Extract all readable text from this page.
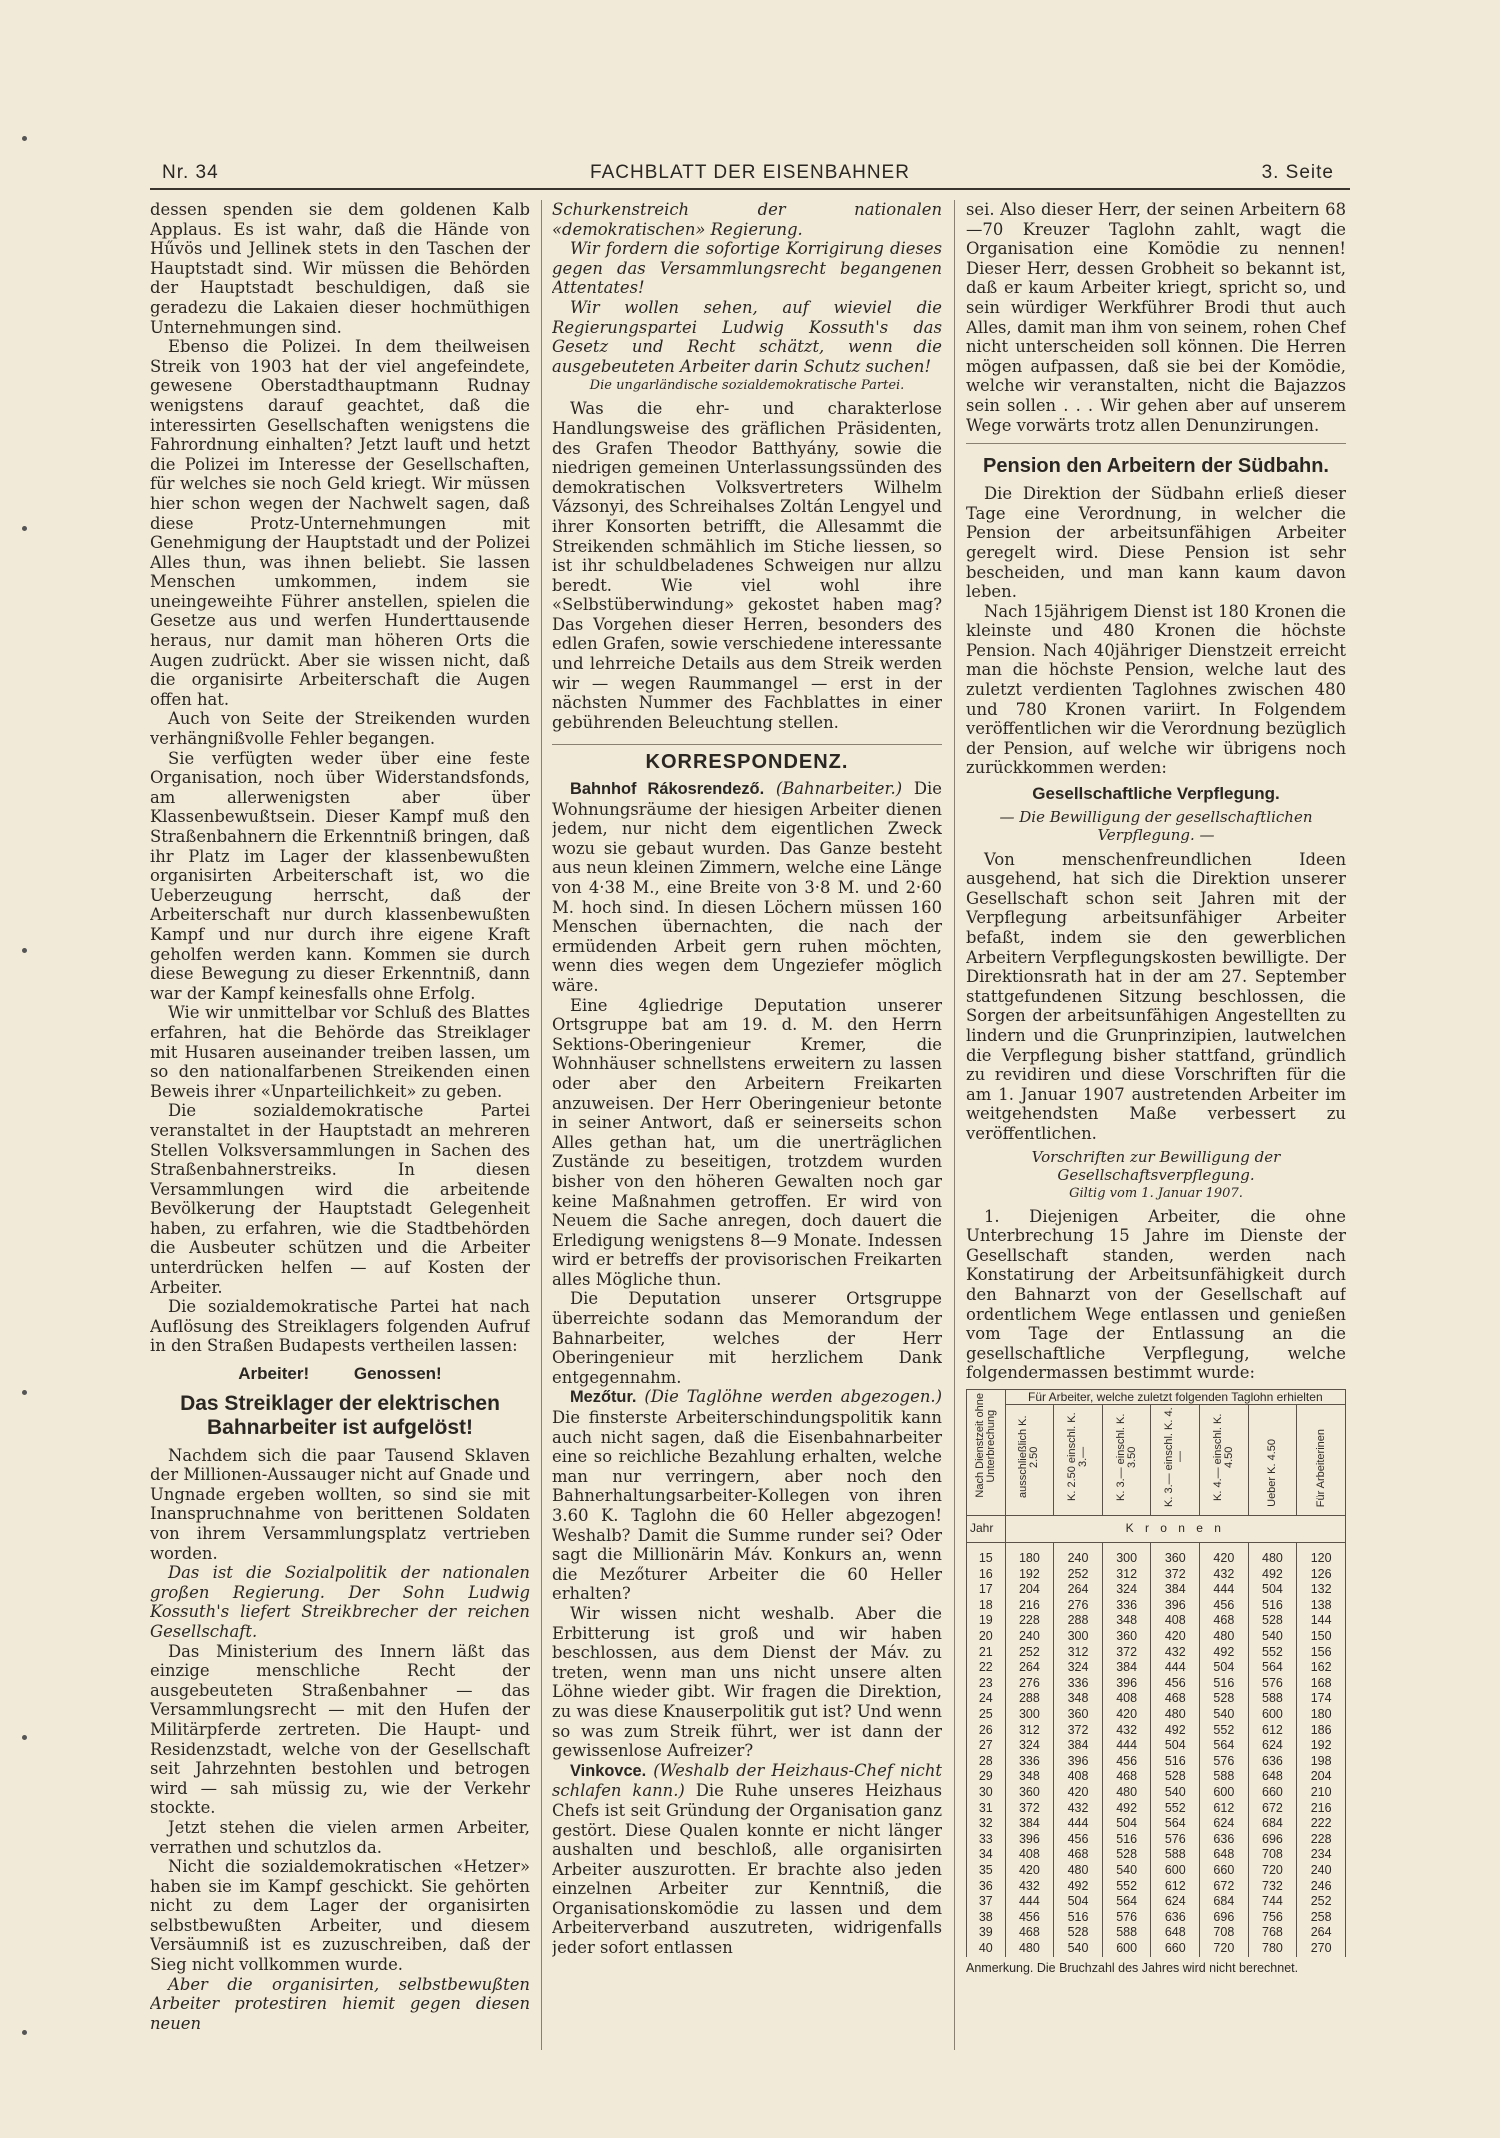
Nr. 34	FACHBLATT DER EISENBAHNER	3. Seite

dessen spenden sie dem goldenen Kalb Applaus. Es ist wahr, daß die Hände von Hűvös und Jellinek stets in den Taschen der Hauptstadt sind. Wir müssen die Behörden der Hauptstadt beschuldigen, daß sie geradezu die Lakaien dieser hochmüthigen Unternehmungen sind.

Ebenso die Polizei. In dem theilweisen Streik von 1903 hat der viel angefeindete, gewesene Oberstadthauptmann Rudnay wenigstens darauf geachtet, daß die interessirten Gesellschaften wenigstens die Fahrordnung einhalten? Jetzt lauft und hetzt die Polizei im Interesse der Gesellschaften, für welches sie noch Geld kriegt. Wir müssen hier schon wegen der Nachwelt sagen, daß diese Protz-Unternehmungen mit Genehmigung der Hauptstadt und der Polizei Alles thun, was ihnen beliebt. Sie lassen Menschen umkommen, indem sie uneingeweihte Führer anstellen, spielen die Gesetze aus und werfen Hunderttausende heraus, nur damit man höheren Orts die Augen zudrückt. Aber sie wissen nicht, daß die organisirte Arbeiterschaft die Augen offen hat.

Auch von Seite der Streikenden wurden verhängnißvolle Fehler begangen.

Sie verfügten weder über eine feste Organisation, noch über Widerstandsfonds, am allerwenigsten aber über Klassenbewußtsein. Dieser Kampf muß den Straßenbahnern die Erkenntniß bringen, daß ihr Platz im Lager der klassenbewußten organisirten Arbeiterschaft ist, wo die Ueberzeugung herrscht, daß der Arbeiterschaft nur durch klassenbewußten Kampf und nur durch ihre eigene Kraft geholfen werden kann. Kommen sie durch diese Bewegung zu dieser Erkenntniß, dann war der Kampf keinesfalls ohne Erfolg.

Wie wir unmittelbar vor Schluß des Blattes erfahren, hat die Behörde das Streiklager mit Husaren auseinander treiben lassen, um so den nationalfarbenen Streikenden einen Beweis ihrer «Unparteilichkeit» zu geben.

Die sozialdemokratische Partei veranstaltet in der Hauptstadt an mehreren Stellen Volksversammlungen in Sachen des Straßenbahnerstreiks. In diesen Versammlungen wird die arbeitende Bevölkerung der Hauptstadt Gelegenheit haben, zu erfahren, wie die Stadtbehörden die Ausbeuter schützen und die Arbeiter unterdrücken helfen — auf Kosten der Arbeiter.

Die sozialdemokratische Partei hat nach Auflösung des Streiklagers folgenden Aufruf in den Straßen Budapests vertheilen lassen:

Arbeiter! Genossen!
Das Streiklager der elektrischen Bahnarbeiter ist aufgelöst!

Nachdem sich die paar Tausend Sklaven der Millionen-Aussauger nicht auf Gnade und Ungnade ergeben wollten, so sind sie mit Inanspruchnahme von berittenen Soldaten von ihrem Versammlungsplatz vertrieben worden.

Das ist die Sozialpolitik der nationalen großen Regierung. Der Sohn Ludwig Kossuth's liefert Streikbrecher der reichen Gesellschaft.

Das Ministerium des Innern läßt das einzige menschliche Recht der ausgebeuteten Straßenbahner — das Versammlungsrecht — mit den Hufen der Militärpferde zertreten. Die Haupt- und Residenzstadt, welche von der Gesellschaft seit Jahrzehnten bestohlen und betrogen wird — sah müssig zu, wie der Verkehr stockte.

Jetzt stehen die vielen armen Arbeiter, verrathen und schutzlos da.

Nicht die sozialdemokratischen «Hetzer» haben sie im Kampf geschickt. Sie gehörten nicht zu dem Lager der organisirten selbstbewußten Arbeiter, und diesem Versäumniß ist es zuzuschreiben, daß der Sieg nicht vollkommen wurde.

Aber die organisirten, selbstbewußten Arbeiter protestiren hiemit gegen diesen neuen

Schurkenstreich der nationalen «demokratischen» Regierung.

Wir fordern die sofortige Korrigirung dieses gegen das Versammlungsrecht begangenen Attentates!

Wir wollen sehen, auf wieviel die Regierungspartei Ludwig Kossuth's das Gesetz und Recht schätzt, wenn die ausgebeuteten Arbeiter darin Schutz suchen!

Die ungarländische sozialdemokratische Partei.

Was die ehr- und charakterlose Handlungsweise des gräflichen Präsidenten, des Grafen Theodor Batthyány, sowie die niedrigen gemeinen Unterlassungssünden des demokratischen Volksvertreters Wilhelm Vázsonyi, des Schreihalses Zoltán Lengyel und ihrer Konsorten betrifft, die Allesammt die Streikenden schmählich im Stiche liessen, so ist ihr schuldbeladenes Schweigen nur allzu beredt. Wie viel wohl ihre «Selbstüberwindung» gekostet haben mag? Das Vorgehen dieser Herren, besonders des edlen Grafen, sowie verschiedene interessante und lehrreiche Details aus dem Streik werden wir — wegen Raummangel — erst in der nächsten Nummer des Fachblattes in einer gebührenden Beleuchtung stellen.

KORRESPONDENZ.

Bahnhof Rákosrendező. (Bahnarbeiter.) Die Wohnungsräume der hiesigen Arbeiter dienen jedem, nur nicht dem eigentlichen Zweck wozu sie gebaut wurden. Das Ganze besteht aus neun kleinen Zimmern, welche eine Länge von 4·38 M., eine Breite von 3·8 M. und 2·60 M. hoch sind. In diesen Löchern müssen 160 Menschen übernachten, die nach der ermüdenden Arbeit gern ruhen möchten, wenn dies wegen dem Ungeziefer möglich wäre.

Eine 4gliedrige Deputation unserer Ortsgruppe bat am 19. d. M. den Herrn Sektions-Oberingenieur Kremer, die Wohnhäuser schnellstens erweitern zu lassen oder aber den Arbeitern Freikarten anzuweisen. Der Herr Oberingenieur betonte in seiner Antwort, daß er seinerseits schon Alles gethan hat, um die unerträglichen Zustände zu beseitigen, trotzdem wurden bisher von den höheren Gewalten noch gar keine Maßnahmen getroffen. Er wird von Neuem die Sache anregen, doch dauert die Erledigung wenigstens 8—9 Monate. Indessen wird er betreffs der provisorischen Freikarten alles Mögliche thun.

Die Deputation unserer Ortsgruppe überreichte sodann das Memorandum der Bahnarbeiter, welches der Herr Oberingenieur mit herzlichem Dank entgegennahm.

Mezőtur. (Die Taglöhne werden abgezogen.) Die finsterste Arbeiterschindungspolitik kann auch nicht sagen, daß die Eisenbahnarbeiter eine so reichliche Bezahlung erhalten, welche man nur verringern, aber noch den Bahnerhaltungsarbeiter-Kollegen von ihren 3.60 K. Taglohn die 60 Heller abgezogen! Weshalb? Damit die Summe runder sei? Oder sagt die Millionärin Máv. Konkurs an, wenn die Mezőturer Arbeiter die 60 Heller erhalten?

Wir wissen nicht weshalb. Aber die Erbitterung ist groß und wir haben beschlossen, aus dem Dienst der Máv. zu treten, wenn man uns nicht unsere alten Löhne wieder gibt. Wir fragen die Direktion, zu was diese Knauserpolitik gut ist? Und wenn so was zum Streik führt, wer ist dann der gewissenlose Aufreizer?

Vinkovce. (Weshalb der Heizhaus-Chef nicht schlafen kann.) Die Ruhe unseres Heizhaus Chefs ist seit Gründung der Organisation ganz gestört. Diese Qualen konnte er nicht länger aushalten und beschloß, alle organisirten Arbeiter auszurotten. Er brachte also jeden einzelnen Arbeiter zur Kenntniß, die Organisationskomödie zu lassen und dem Arbeiterverband auszutreten, widrigenfalls jeder sofort entlassen

sei. Also dieser Herr, der seinen Arbeitern 68—70 Kreuzer Taglohn zahlt, wagt die Organisation eine Komödie zu nennen! Dieser Herr, dessen Grobheit so bekannt ist, daß er kaum Arbeiter kriegt, spricht so, und sein würdiger Werkführer Brodi thut auch Alles, damit man ihm von seinem, rohen Chef nicht unterscheiden soll können. Die Herren mögen aufpassen, daß sie bei der Komödie, welche wir veranstalten, nicht die Bajazzos sein sollen . . . Wir gehen aber auf unserem Wege vorwärts trotz allen Denunzirungen.

Pension den Arbeitern der Südbahn.

Die Direktion der Südbahn erließ dieser Tage eine Verordnung, in welcher die Pension der arbeitsunfähigen Arbeiter geregelt wird. Diese Pension ist sehr bescheiden, und man kann kaum davon leben.

Nach 15jährigem Dienst ist 180 Kronen die kleinste und 480 Kronen die höchste Pension. Nach 40jähriger Dienstzeit erreicht man die höchste Pension, welche laut des zuletzt verdienten Taglohnes zwischen 480 und 780 Kronen variirt. In Folgendem veröffentlichen wir die Verordnung bezüglich der Pension, auf welche wir übrigens noch zurückkommen werden:

Gesellschaftliche Verpflegung.
— Die Bewilligung der gesellschaftlichen Verpflegung. —

Von menschenfreundlichen Ideen ausgehend, hat sich die Direktion unserer Gesellschaft schon seit Jahren mit der Verpflegung arbeitsunfähiger Arbeiter befaßt, indem sie den gewerblichen Arbeitern Verpflegungskosten bewilligte. Der Direktionsrath hat in der am 27. September stattgefundenen Sitzung beschlossen, die Sorgen der arbeitsunfähigen Angestellten zu lindern und die Grunprinzipien, lautwelchen die Verpflegung bisher stattfand, gründlich zu revidiren und diese Vorschriften für die am 1. Januar 1907 austretenden Arbeiter im weitgehendsten Maße verbessert zu veröffentlichen.

Vorschriften zur Bewilligung der Gesellschaftsverpflegung.
Giltig vom 1. Januar 1907.

1. Diejenigen Arbeiter, die ohne Unterbrechung 15 Jahre im Dienste der Gesellschaft standen, werden nach Konstatirung der Arbeitsunfähigkeit durch den Bahnarzt von der Gesellschaft auf ordentlichem Wege entlassen und genießen vom Tage der Entlassung an die gesellschaftliche Verpflegung, welche folgendermassen bestimmt wurde:

Nach Dienstzeit ohne Unterbrechung	Für Arbeiter, welche zuletzt folgenden Taglohn erhielten						
	ausschließlich K. 2.50	K. 2.50 einschl. K. 3.—	K. 3.— einschl. K. 3.50	K. 3.— einschl. K. 4.—	K. 4.— einschl. K. 4.50	Ueber K. 4.50	Für Arbeiterinen
Jahr	K r o n e n						

15	180	240	300	360	420	480	120
16	192	252	312	372	432	492	126
17	204	264	324	384	444	504	132
18	216	276	336	396	456	516	138
19	228	288	348	408	468	528	144
20	240	300	360	420	480	540	150
21	252	312	372	432	492	552	156
22	264	324	384	444	504	564	162
23	276	336	396	456	516	576	168
24	288	348	408	468	528	588	174
25	300	360	420	480	540	600	180
26	312	372	432	492	552	612	186
27	324	384	444	504	564	624	192
28	336	396	456	516	576	636	198
29	348	408	468	528	588	648	204
30	360	420	480	540	600	660	210
31	372	432	492	552	612	672	216
32	384	444	504	564	624	684	222
33	396	456	516	576	636	696	228
34	408	468	528	588	648	708	234
35	420	480	540	600	660	720	240
36	432	492	552	612	672	732	246
37	444	504	564	624	684	744	252
38	456	516	576	636	696	756	258
39	468	528	588	648	708	768	264
40	480	540	600	660	720	780	270
Anmerkung. Die Bruchzahl des Jahres wird nicht berechnet.
